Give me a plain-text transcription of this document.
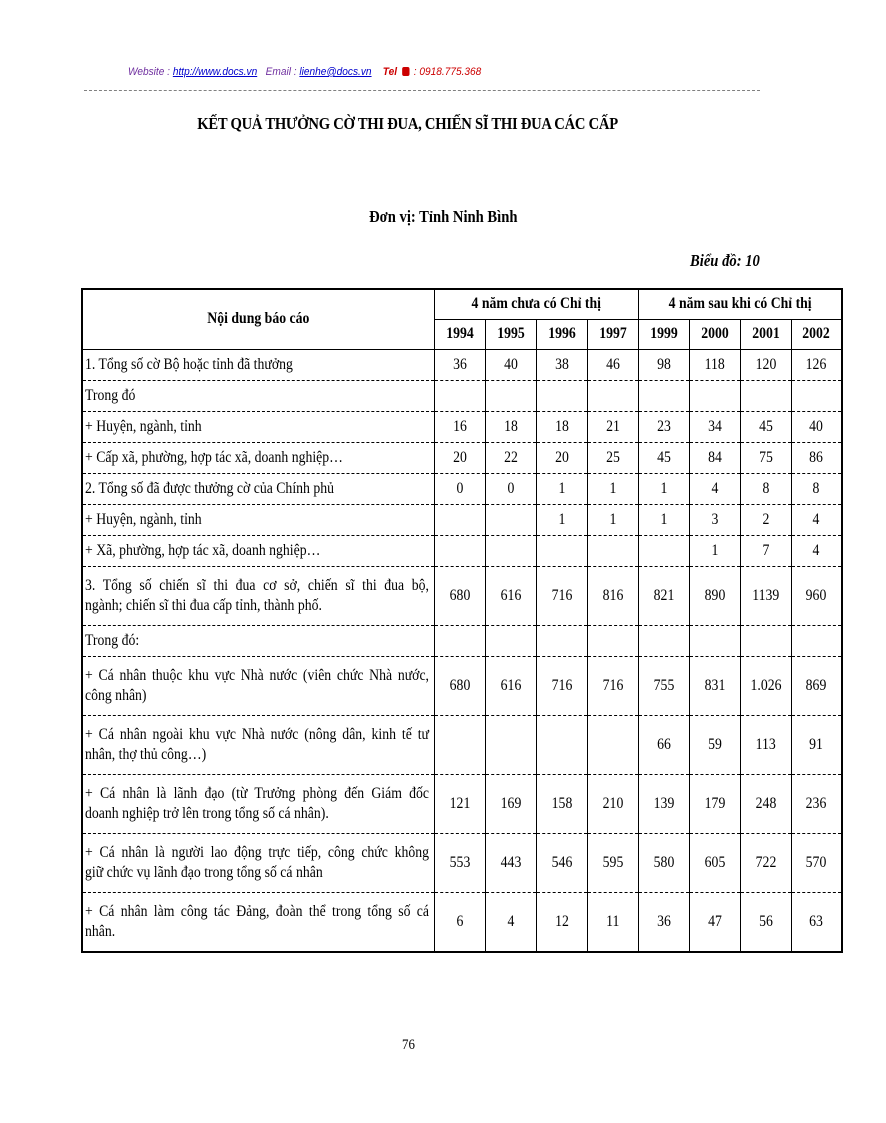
Website : http://www.docs.vn Email : lienhe@docs.vn Tel : 0918.775.368
KẾT QUẢ THƯỞNG CỜ THI ĐUA, CHIẾN SĨ THI ĐUA CÁC CẤP
Đơn vị: Tỉnh Ninh Bình
Biểu đồ: 10
Nội dung báo cáo	4 năm chưa có Chỉ thị				4 năm sau khi có Chỉ thị			
	1994	1995	1996	1997	1999	2000	2001	2002
1. Tổng số cờ Bộ hoặc tỉnh đã thưởng	36	40	38	46	98	118	120	126
Trong đó								
+ Huyện, ngành, tỉnh	16	18	18	21	23	34	45	40
+ Cấp xã, phường, hợp tác xã, doanh nghiệp…	20	22	20	25	45	84	75	86
2. Tổng số đã được thưởng cờ của Chính phủ	0	0	1	1	1	4	8	8
+ Huyện, ngành, tỉnh			1	1	1	3	2	4
+ Xã, phường, hợp tác xã, doanh nghiệp…						1	7	4
3. Tổng số chiến sĩ thi đua cơ sở, chiến sĩ thi đua bộ,
ngành; chiến sĩ thi đua cấp tỉnh, thành phố.	680	616	716	816	821	890	1139	960
Trong đó:								
+ Cá nhân thuộc khu vực Nhà nước (viên chức Nhà nước,
công nhân)	680	616	716	716	755	831	1.026	869
+ Cá nhân ngoài khu vực Nhà nước (nông dân, kinh tế tư
nhân, thợ thủ công…)					66	59	113	91
+ Cá nhân là lãnh đạo (từ Trưởng phòng đến Giám đốc
doanh nghiệp trở lên trong tổng số cá nhân).	121	169	158	210	139	179	248	236
+ Cá nhân là người lao động trực tiếp, công chức không
giữ chức vụ lãnh đạo trong tổng số cá nhân	553	443	546	595	580	605	722	570
+ Cá nhân làm công tác Đảng, đoàn thể trong tổng số cá
nhân.	6	4	12	11	36	47	56	63
76
